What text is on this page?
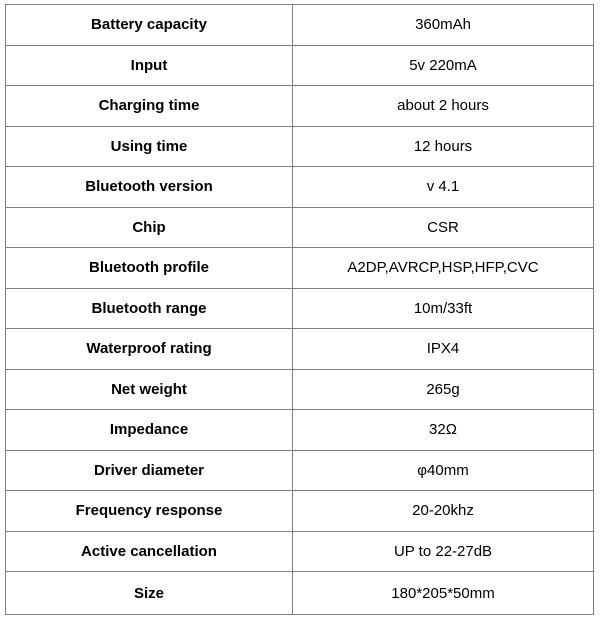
Battery capacity	360mAh
Input	5v 220mA
Charging time	about 2 hours
Using time	12 hours
Bluetooth version	v 4.1
Chip	CSR
Bluetooth profile	A2DP,AVRCP,HSP,HFP,CVC
Bluetooth range	10m/33ft
Waterproof rating	IPX4
Net weight	265g
Impedance	32Ω
Driver diameter	φ40mm
Frequency response	20-20khz
Active cancellation	UP to 22-27dB
Size	180*205*50mm
